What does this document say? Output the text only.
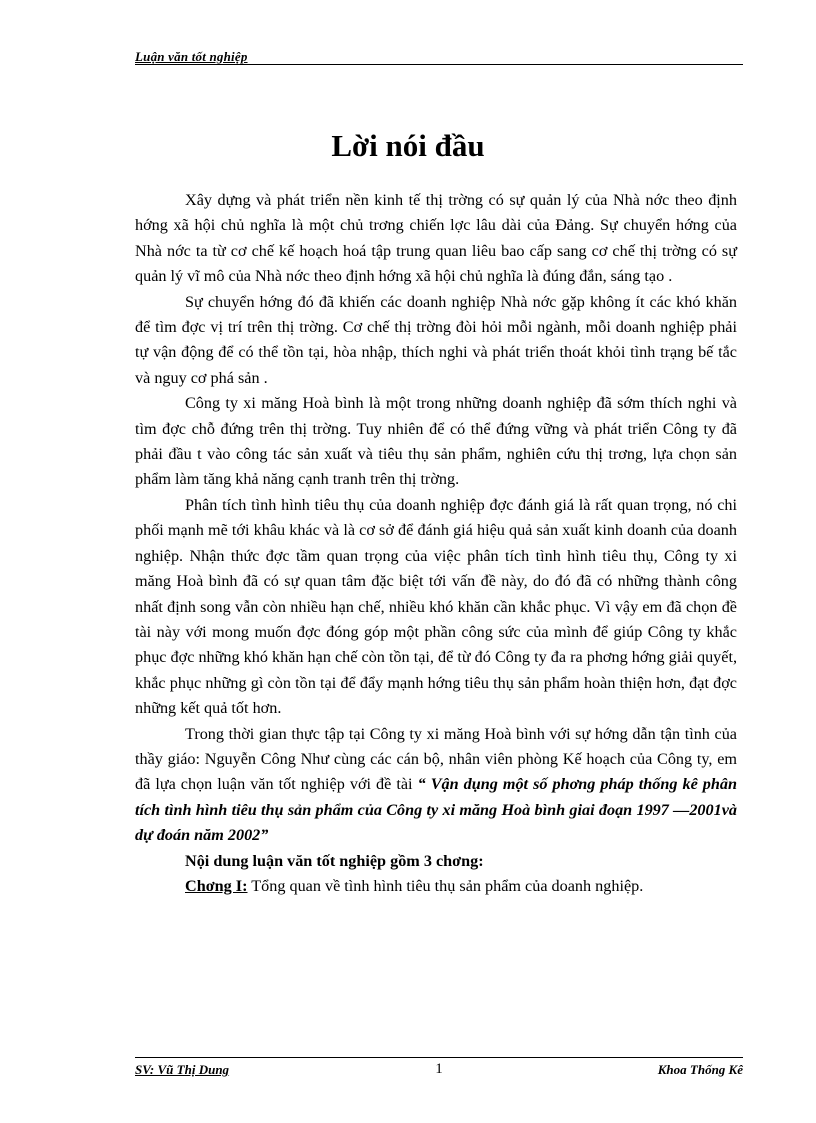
Luận văn tốt nghiệp
Lời nói đầu

Xây dựng và phát triển nền kinh tế thị trờng có sự quản lý của Nhà nớc theo định hớng xã hội chủ nghĩa là một chủ trơng chiến lợc lâu dài của Đảng. Sự chuyển hớng của Nhà nớc ta từ cơ chế kế hoạch hoá tập trung quan liêu bao cấp sang cơ chế thị trờng có sự quản lý vĩ mô của Nhà nớc theo định hớng xã hội chủ nghĩa là đúng đắn, sáng tạo .

Sự chuyển hớng đó đã khiến các doanh nghiệp Nhà nớc gặp không ít các khó khăn để tìm đợc vị trí trên thị trờng. Cơ chế thị trờng đòi hỏi mỗi ngành, mỗi doanh nghiệp phải tự vận động để có thể tồn tại, hòa nhập, thích nghi và phát triển thoát khỏi tình trạng bế tắc và nguy cơ phá sản .

Công ty xi măng Hoà bình là một trong những doanh nghiệp đã sớm thích nghi và tìm đợc chỗ đứng trên thị trờng. Tuy nhiên để có thể đứng vững và phát triển Công ty đã phải đầu t vào công tác sản xuất và tiêu thụ sản phẩm, nghiên cứu thị trơng, lựa chọn sản phẩm làm tăng khả năng cạnh tranh trên thị trờng.

Phân tích tình hình tiêu thụ của doanh nghiệp đợc đánh giá là rất quan trọng, nó chi phối mạnh mẽ tới khâu khác và là cơ sở để đánh giá hiệu quả sản xuất kinh doanh của doanh nghiệp. Nhận thức đợc tầm quan trọng của việc phân tích tình hình tiêu thụ, Công ty xi măng Hoà bình đã có sự quan tâm đặc biệt tới vấn đề này, do đó đã có những thành công nhất định song vẫn còn nhiều hạn chế, nhiều khó khăn cần khắc phục. Vì vậy em đã chọn đề tài này với mong muốn đợc đóng góp một phần công sức của mình để giúp Công ty khắc phục đợc những khó khăn hạn chế còn tồn tại, để từ đó Công ty đa ra phơng hớng giải quyết, khắc phục những gì còn tồn tại để đẩy mạnh hớng tiêu thụ sản phẩm hoàn thiện hơn, đạt đợc những kết quả tốt hơn.

Trong thời gian thực tập tại Công ty xi măng Hoà bình với sự hớng dẫn tận tình của thầy giáo: Nguyễn Công Như cùng các cán bộ, nhân viên phòng Kế hoạch của Công ty, em đã lựa chọn luận văn tốt nghiệp với đề tài “ Vận dụng một số phơng pháp thống kê phân tích tình hình tiêu thụ sản phẩm của Công ty xi măng Hoà bình giai đoạn 1997 —2001và dự đoán năm 2002”

Nội dung luận văn tốt nghiệp gồm 3 chơng:

Chơng I: Tổng quan về tình hình tiêu thụ sản phẩm của doanh nghiệp.

SV: Vũ Thị Dung	1	Khoa Thống Kê
